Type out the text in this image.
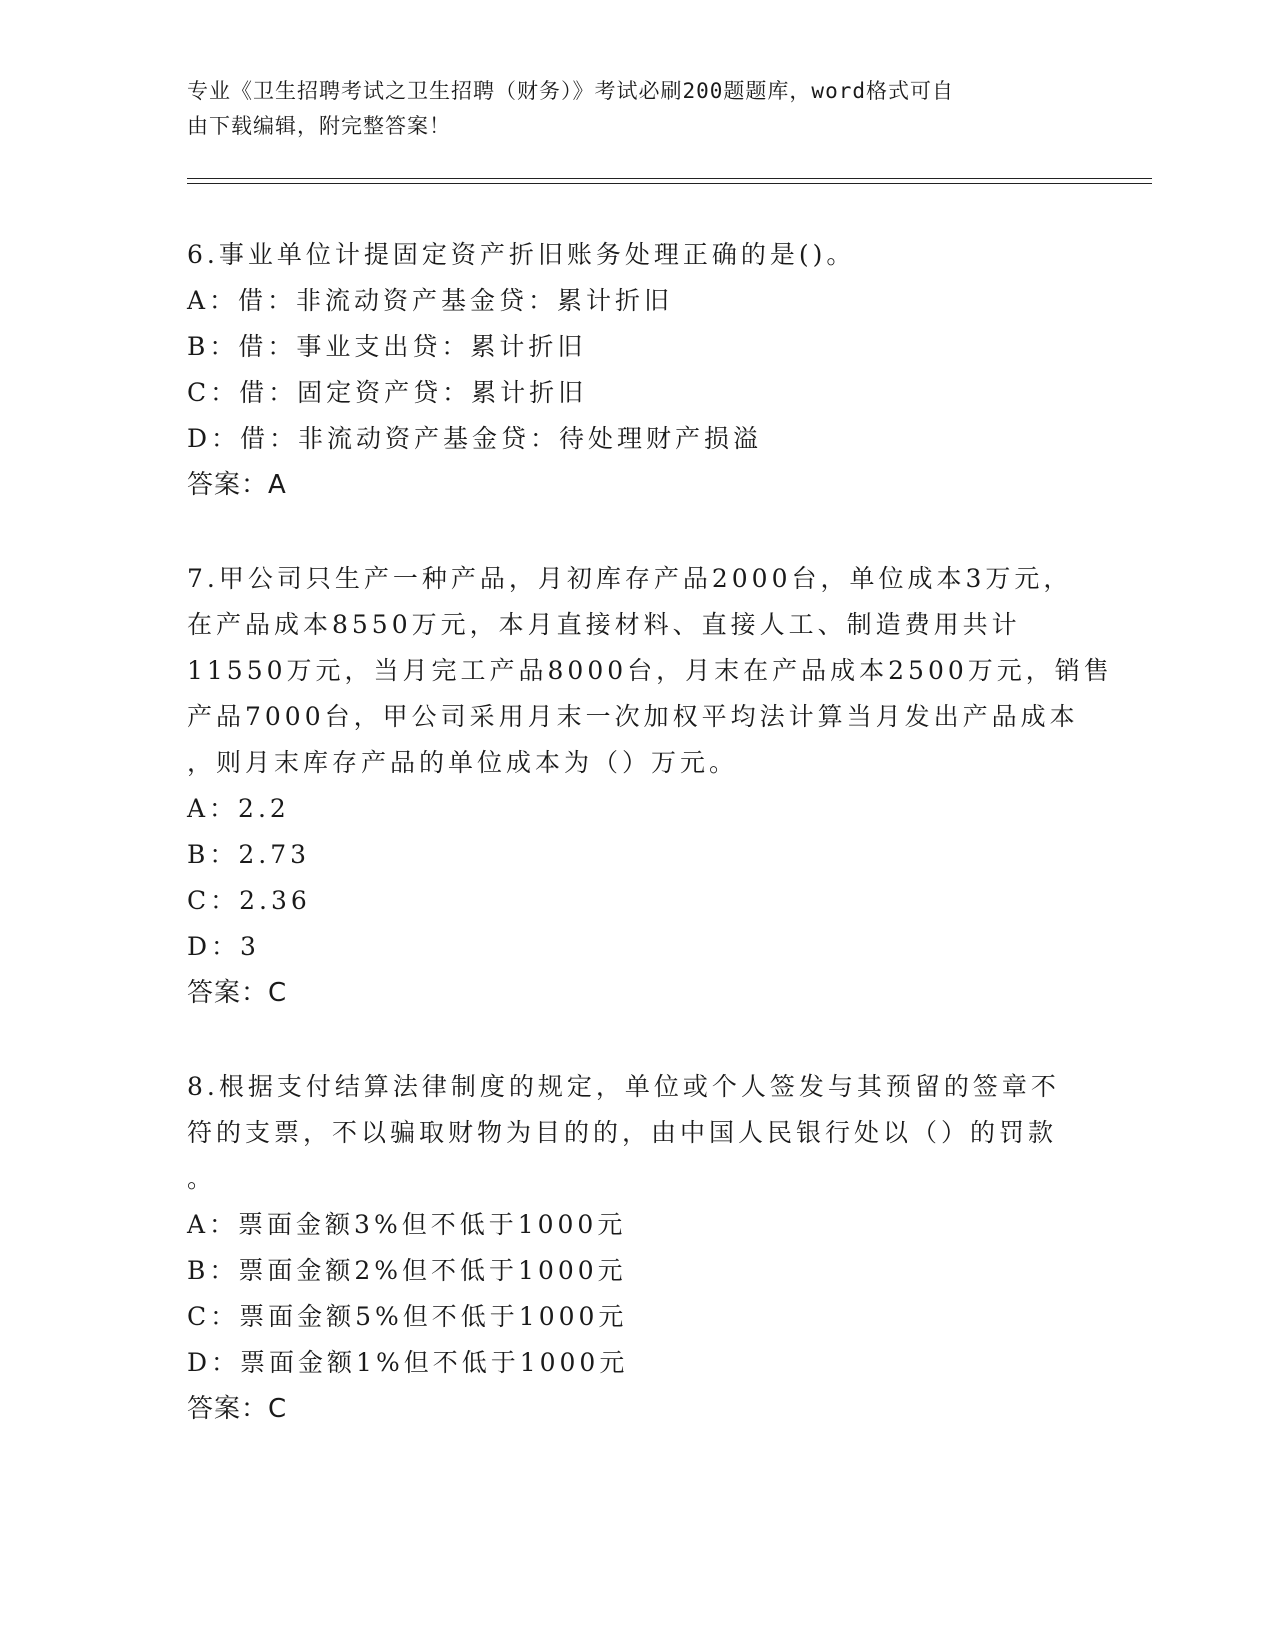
专业《卫生招聘考试之卫生招聘（财务）》考试必刷200题题库，word格式可自
由下载编辑，附完整答案！
6.事业单位计提固定资产折旧账务处理正确的是()。
A：借：非流动资产基金贷：累计折旧
B：借：事业支出贷：累计折旧
C：借：固定资产贷：累计折旧
D：借：非流动资产基金贷：待处理财产损溢
答案：A
7.甲公司只生产一种产品，月初库存产品2000台，单位成本3万元，
在产品成本8550万元，本月直接材料、直接人工、制造费用共计
11550万元，当月完工产品8000台，月末在产品成本2500万元，销售
产品7000台，甲公司采用月末一次加权平均法计算当月发出产品成本
，则月末库存产品的单位成本为（）万元。
A：2.2
B：2.73
C：2.36
D：3
答案：C
8.根据支付结算法律制度的规定，单位或个人签发与其预留的签章不
符的支票，不以骗取财物为目的的，由中国人民银行处以（）的罚款
。
A：票面金额3%但不低于1000元
B：票面金额2%但不低于1000元
C：票面金额5%但不低于1000元
D：票面金额1%但不低于1000元
答案：C
